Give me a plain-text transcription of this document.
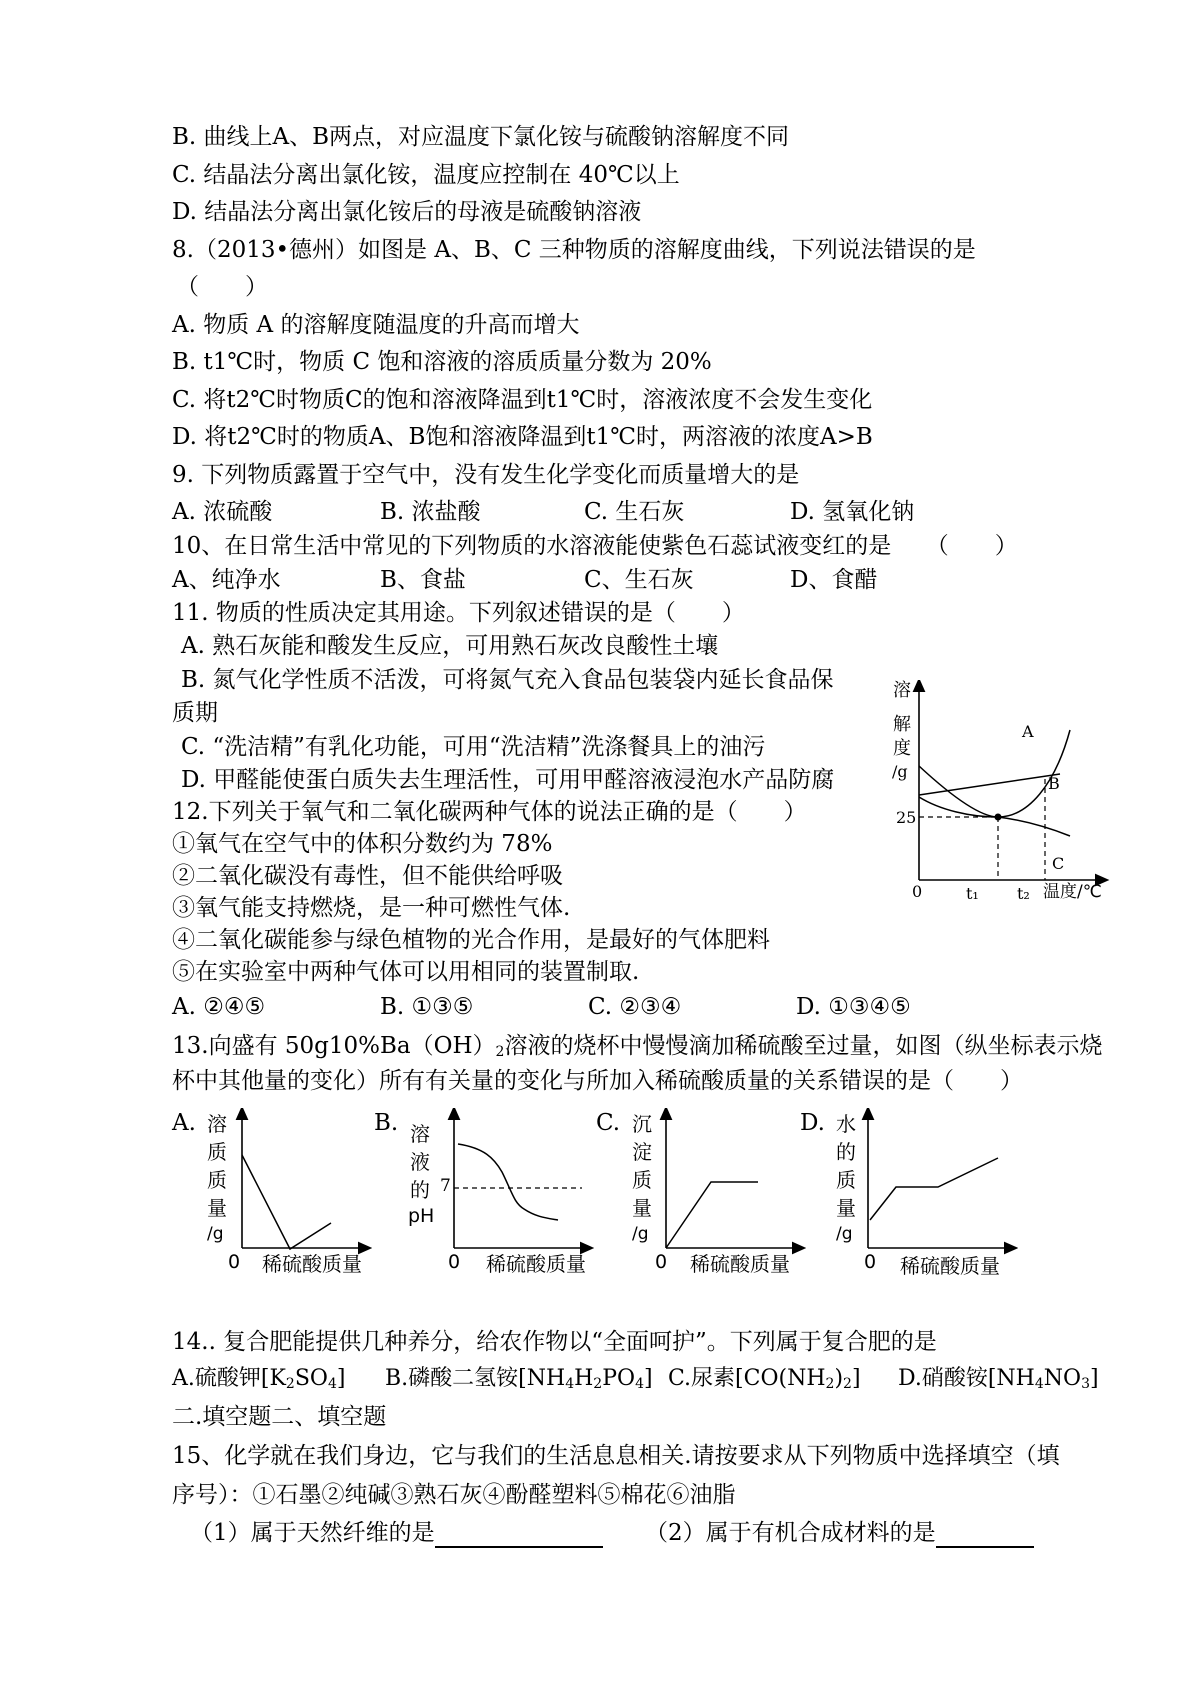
B. 曲线上A、B两点，对应温度下氯化铵与硫酸钠溶解度不同
C. 结晶法分离出氯化铵，温度应控制在 40℃以上
D. 结晶法分离出氯化铵后的母液是硫酸钠溶液
8.（2013•德州）如图是 A、B、C 三种物质的溶解度曲线，下列说法错误的是
（　　）
A. 物质 A 的溶解度随温度的升高而增大
B. t1℃时，物质 C 饱和溶液的溶质质量分数为 20%
C. 将t2℃时物质C的饱和溶液降温到t1℃时，溶液浓度不会发生变化
D. 将t2℃时的物质A、B饱和溶液降温到t1℃时，两溶液的浓度A>B
9. 下列物质露置于空气中，没有发生化学变化而质量增大的是
A. 浓硫酸	B. 浓盐酸	C. 生石灰	D. 氢氧化钠
10、在日常生活中常见的下列物质的水溶液能使紫色石蕊试液变红的是　　（　　）
A、纯净水	B、食盐	C、生石灰	D、食醋
11. 物质的性质决定其用途。下列叙述错误的是（　　）
A. 熟石灰能和酸发生反应，可用熟石灰改良酸性土壤
B. 氮气化学性质不活泼，可将氮气充入食品包装袋内延长食品保
质期
C. “洗洁精”有乳化功能，可用“洗洁精”洗涤餐具上的油污
D. 甲醛能使蛋白质失去生理活性，可用甲醛溶液浸泡水产品防腐
12.下列关于氧气和二氧化碳两种气体的说法正确的是（　　）
①氧气在空气中的体积分数约为 78%
②二氧化碳没有毒性，但不能供给呼吸
③氧气能支持燃烧，是一种可燃性气体.
④二氧化碳能参与绿色植物的光合作用，是最好的气体肥料
⑤在实验室中两种气体可以用相同的装置制取.
A. ②④⑤	B. ①③⑤	C. ②③④	D. ①③④⑤
13.向盛有 $50g10\%Ba(OH)_2$溶液的烧杯中慢慢滴加稀硫酸至过量，如图（纵坐标表示烧
杯中其他量的变化）所有有关量的变化与所加入稀硫酸质量的关系错误的是（　　）
14.. 复合肥能提供几种养分，给农作物以“全面呵护”。下列属于复合肥的是
A.硫酸钾$[K_2SO_4]$ B.磷酸二氢铵$[NH_4H_2PO_4]$ C.尿素$[CO(NH_2)_2]$ D.硝酸铵$[NH_4NO_3]$
二.填空题二、填空题
15、化学就在我们身边，它与我们的生活息息相关.请按要求从下列物质中选择填空（填
序号）：①石墨②纯碱③熟石灰④酚醛塑料⑤棉花⑥油脂
（1）属于天然纤维的是	（2）属于有机合成材料的是
溶
解
度
/g
25
0	t₁ t₂ 温度/℃
A
B
C
A. 溶
质
质
量
/g
0 稀硫酸质量
B. 溶
液
的
pH
7
0 稀硫酸质量
C. 沉
淀
质
量
/g
0 稀硫酸质量
D. 水
的
质
量
/g
0 稀硫酸质量
